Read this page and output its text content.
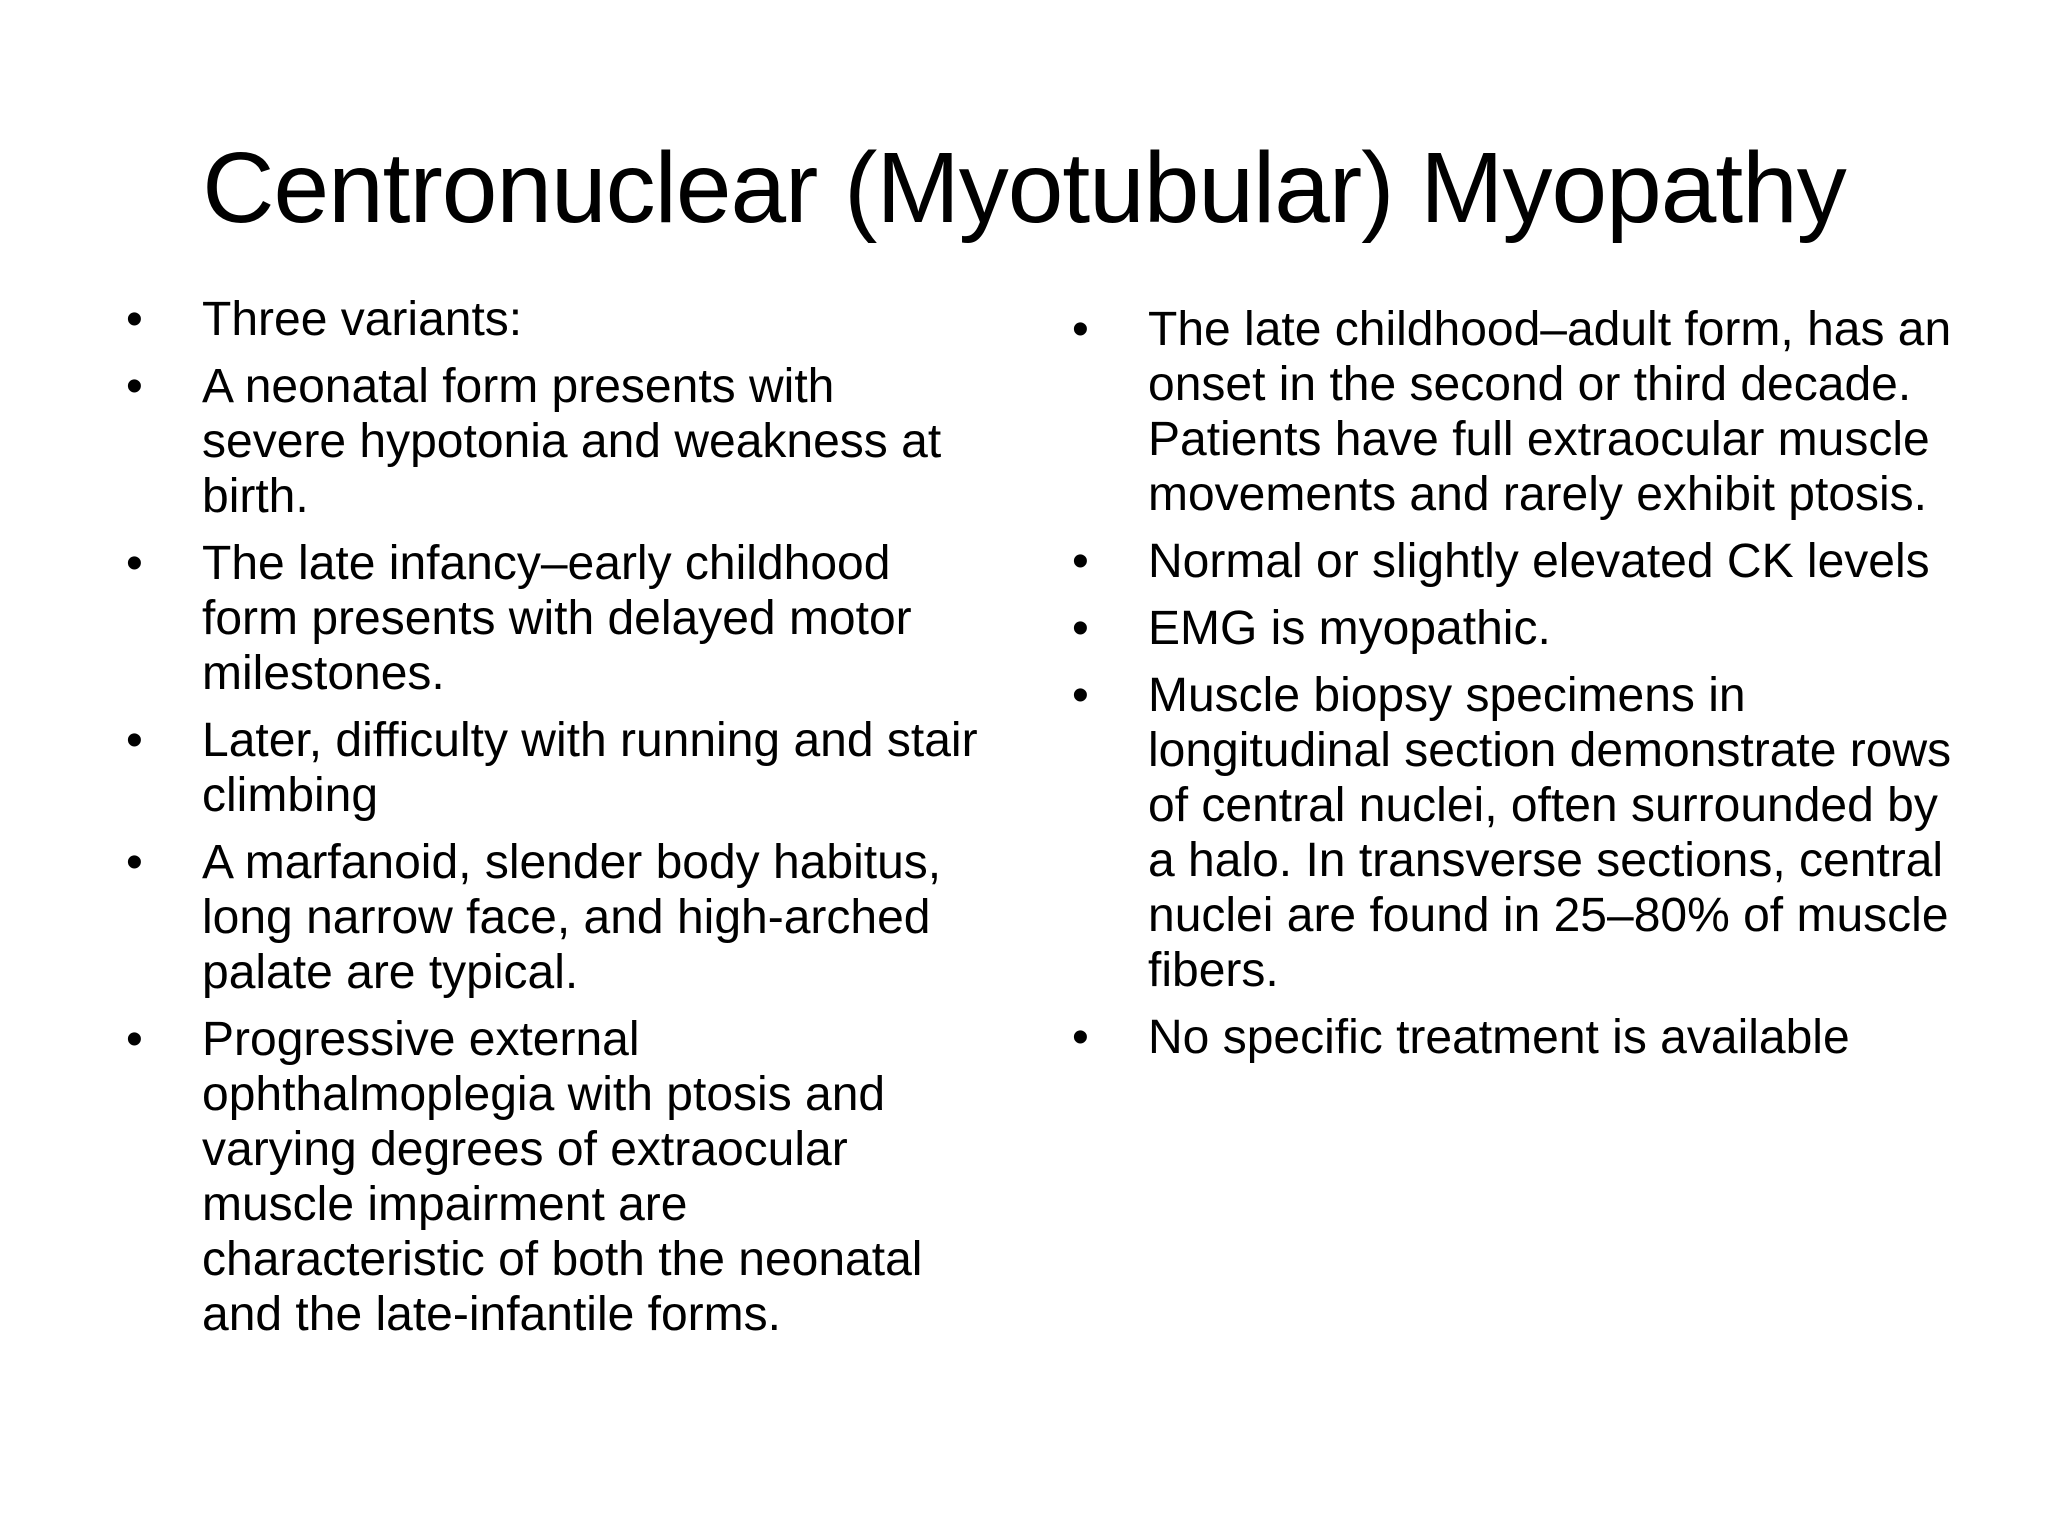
Centronuclear (Myotubular) Myopathy
•	Three variants:
•	A neonatal form presents with severe hypotonia and weakness at birth.
•	The late infancy–early childhood form presents with delayed motor milestones.
•	Later, difficulty with running and stair climbing
•	A marfanoid, slender body habitus, long narrow face, and high-arched palate are typical.
•	Progressive external ophthalmoplegia with ptosis and varying degrees of extraocular muscle impairment are characteristic of both the neonatal and the late-infantile forms.
•	The late childhood–adult form, has an onset in the second or third decade. Patients have full extraocular muscle movements and rarely exhibit ptosis.
•	Normal or slightly elevated CK levels
•	EMG is myopathic.
•	Muscle biopsy specimens in longitudinal section demonstrate rows of central nuclei, often surrounded by a halo. In transverse sections, central nuclei are found in 25–80% of muscle fibers.
•	No specific treatment is available
